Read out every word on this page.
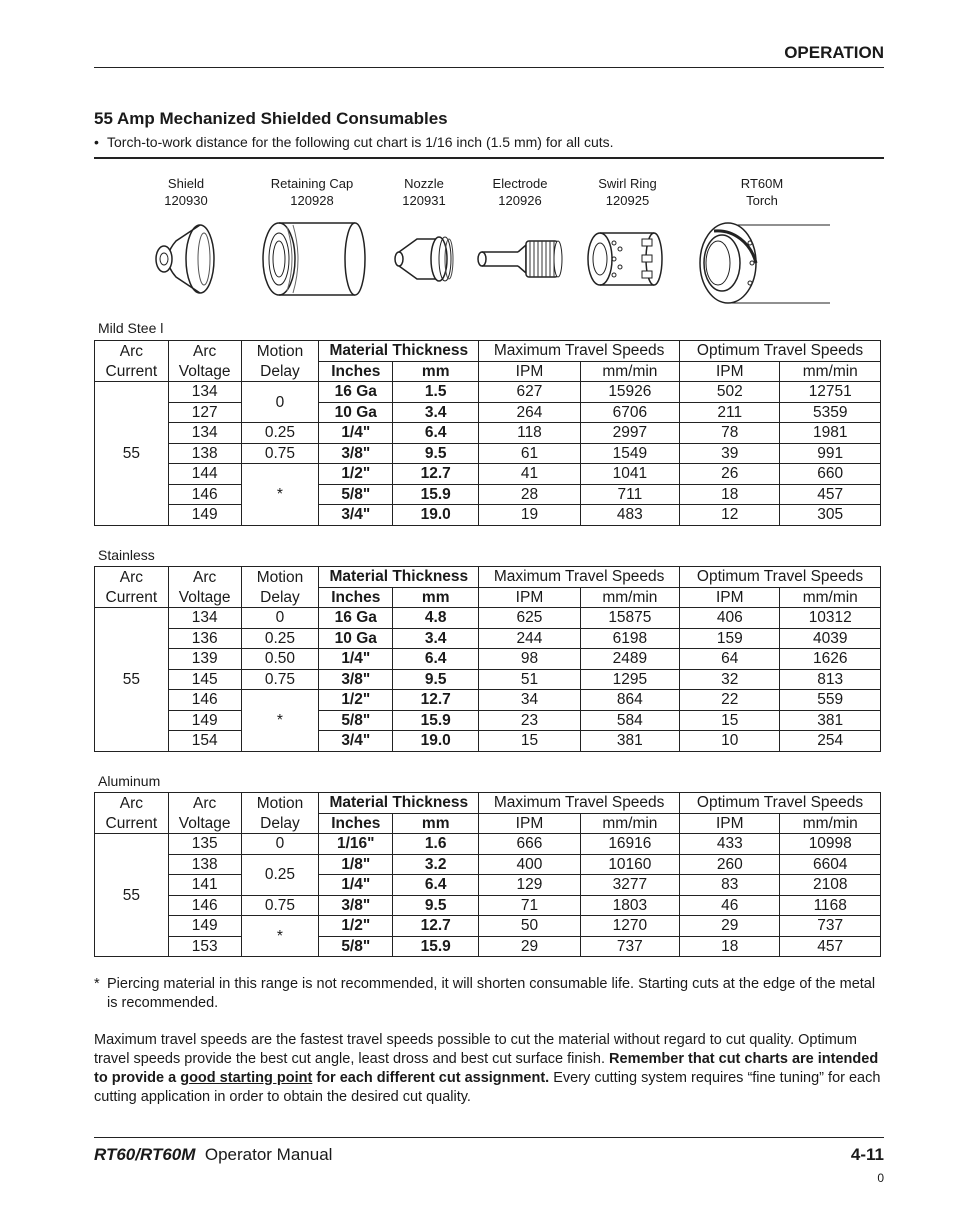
OPERATION
55 Amp Mechanized Shielded Consumables
• Torch-to-work distance for the following cut chart is 1/16 inch (1.5 mm) for all cuts.
Shield
120930
Retaining Cap
120928
Nozzle
120931
Electrode
120926
Swirl Ring
120925
RT60M
Torch
Mild Stee l
Arc	Arc	Motion	Material Thickness		Maximum Travel Speeds		Optimum Travel Speeds	
Current	Voltage	Delay	Inches	mm	IPM	mm/min	IPM	mm/min
55	134	0	16 Ga	1.5	627	15926	502	12751
	127		10 Ga	3.4	264	6706	211	5359
	134	0.25	1/4"	6.4	118	2997	78	1981
	138	0.75	3/8"	9.5	61	1549	39	991
	144	*	1/2"	12.7	41	1041	26	660
	146		5/8"	15.9	28	711	18	457
	149		3/4"	19.0	19	483	12	305
Stainless
Arc	Arc	Motion	Material Thickness		Maximum Travel Speeds		Optimum Travel Speeds	
Current	Voltage	Delay	Inches	mm	IPM	mm/min	IPM	mm/min
55	134	0	16 Ga	4.8	625	15875	406	10312
	136	0.25	10 Ga	3.4	244	6198	159	4039
	139	0.50	1/4"	6.4	98	2489	64	1626
	145	0.75	3/8"	9.5	51	1295	32	813
	146	*	1/2"	12.7	34	864	22	559
	149		5/8"	15.9	23	584	15	381
	154		3/4"	19.0	15	381	10	254
Aluminum
Arc	Arc	Motion	Material Thickness		Maximum Travel Speeds		Optimum Travel Speeds	
Current	Voltage	Delay	Inches	mm	IPM	mm/min	IPM	mm/min
55	135	0	1/16"	1.6	666	16916	433	10998
	138	0.25	1/8"	3.2	400	10160	260	6604
	141		1/4"	6.4	129	3277	83	2108
	146	0.75	3/8"	9.5	71	1803	46	1168
	149	*	1/2"	12.7	50	1270	29	737
	153		5/8"	15.9	29	737	18	457
* Piercing material in this range is not recommended, it will shorten consumable life. Starting cuts at the edge of the metal is recommended.
Maximum travel speeds are the fastest travel speeds possible to cut the material without regard to cut quality. Optimum travel speeds provide the best cut angle, least dross and best cut surface finish. Remember that cut charts are intended to provide a good starting point for each different cut assignment. Every cutting system requires “fine tuning” for each cutting application in order to obtain the desired cut quality.
RT60/RT60M Operator Manual	4-11
0
